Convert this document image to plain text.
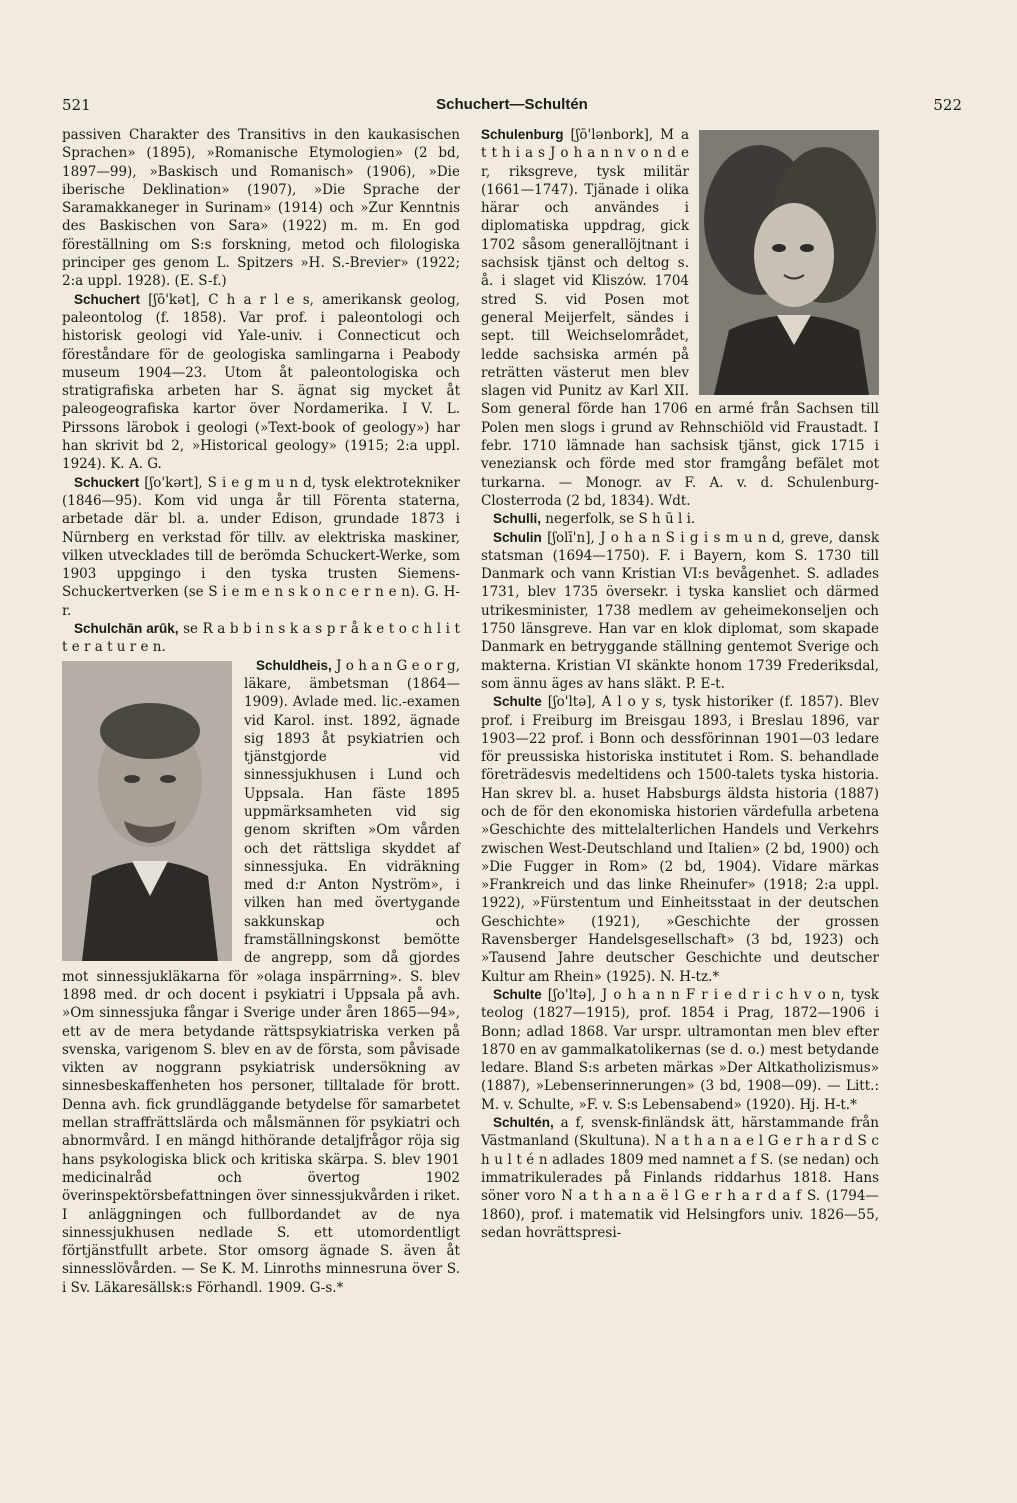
521	Schuchert—Schultén	522

passiven Charakter des Transitivs in den kaukasischen Sprachen» (1895), »Romanische Etymologien» (2 bd, 1897—99), »Baskisch und Romanisch» (1906), »Die iberische Deklination» (1907), »Die Sprache der Saramakkaneger in Surinam» (1914) och »Zur Kenntnis des Baskischen von Sara» (1922) m. m. En god föreställning om S:s forskning, metod och filologiska principer ges genom L. Spitzers »H. S.-Brevier» (1922; 2:a uppl. 1928). (E. S-f.)

Schuchert [ʃō'kət], C h a r l e s, amerikansk geolog, paleontolog (f. 1858). Var prof. i paleontologi och historisk geologi vid Yale-univ. i Connecticut och föreståndare för de geologiska samlingarna i Peabody museum 1904—23. Utom åt paleontologiska och stratigrafiska arbeten har S. ägnat sig mycket åt paleogeografiska kartor över Nordamerika. I V. L. Pirssons lärobok i geologi (»Text-book of geology») har han skrivit bd 2, »Historical geology» (1915; 2:a uppl. 1924). K. A. G.

Schuckert [ʃo'kərt], S i e g m u n d, tysk elektrotekniker (1846—95). Kom vid unga år till Förenta staterna, arbetade där bl. a. under Edison, grundade 1873 i Nürnberg en verkstad för tillv. av elektriska maskiner, vilken utvecklades till de berömda Schuckert-Werke, som 1903 uppgingo i den tyska trusten Siemens-Schuckertverken (se S i e m e n s k o n c e r n e n). G. H-r.

Schulchān arūk, se R a b b i n s k a s p r å k e t o c h l i t t e r a t u r e n.

Schuldheis, J o h a n G e o r g, läkare, ämbetsman (1864—1909). Avlade med. lic.-examen vid Karol. inst. 1892, ägnade sig 1893 åt psykiatrien och tjänstgjorde vid sinnessjukhusen i Lund och Uppsala. Han fäste 1895 uppmärksamheten vid sig genom skriften »Om vården och det rättsliga skyddet af sinnessjuka. En vidräkning med d:r Anton Nyström», i vilken han med övertygande sakkunskap och framställningskonst bemötte de angrepp, som då gjordes mot sinnessjukläkarna för »olaga inspärrning». S. blev 1898 med. dr och docent i psykiatri i Uppsala på avh. »Om sinnessjuka fångar i Sverige under åren 1865—94», ett av de mera betydande rättspsykiatriska verken på svenska, varigenom S. blev en av de första, som påvisade vikten av noggrann psykiatrisk undersökning av sinnesbeskaffenheten hos personer, tilltalade för brott. Denna avh. fick grundläggande betydelse för samarbetet mellan straffrättslärda och målsmännen för psykiatri och abnormvård. I en mängd hithörande detaljfrågor röja sig hans psykologiska blick och kritiska skärpa. S. blev 1901 medicinalråd och övertog 1902 överinspektörsbefattningen över sinnessjukvården i riket. I anläggningen och fullbordandet av de nya sinnessjukhusen nedlade S. ett utomordentligt förtjänstfullt arbete. Stor omsorg ägnade S. även åt sinnesslövården. — Se K. M. Linroths minnesruna över S. i Sv. Läkaresällsk:s Förhandl. 1909. G-s.*

Schulenburg [ʃō'lənbork], M a t t h i a s J o h a n n v o n d e r, riksgreve, tysk militär (1661—1747). Tjänade i olika härar och användes i diplomatiska uppdrag, gick 1702 såsom generallöjtnant i sachsisk tjänst och deltog s. å. i slaget vid Kliszów. 1704 stred S. vid Posen mot general Meijerfelt, sändes i sept. till Weichselområdet, ledde sachsiska armén på reträtten västerut men blev slagen vid Punitz av Karl XII. Som general förde han 1706 en armé från Sachsen till Polen men slogs i grund av Rehnschiöld vid Fraustadt. I febr. 1710 lämnade han sachsisk tjänst, gick 1715 i veneziansk och förde med stor framgång befälet mot turkarna. — Monogr. av F. A. v. d. Schulenburg-Closterroda (2 bd, 1834). Wdt.

Schulli, negerfolk, se S h ū l i.

Schulin [ʃolī'n], J o h a n S i g i s m u n d, greve, dansk statsman (1694—1750). F. i Bayern, kom S. 1730 till Danmark och vann Kristian VI:s bevågenhet. S. adlades 1731, blev 1735 översekr. i tyska kansliet och därmed utrikesminister, 1738 medlem av geheimekonseljen och 1750 länsgreve. Han var en klok diplomat, som skapade Danmark en betryggande ställning gentemot Sverige och makterna. Kristian VI skänkte honom 1739 Frederiksdal, som ännu äges av hans släkt. P. E-t.

Schulte [ʃo'ltə], A l o y s, tysk historiker (f. 1857). Blev prof. i Freiburg im Breisgau 1893, i Breslau 1896, var 1903—22 prof. i Bonn och dessförinnan 1901—03 ledare för preussiska historiska institutet i Rom. S. behandlade företrädesvis medeltidens och 1500-talets tyska historia. Han skrev bl. a. huset Habsburgs äldsta historia (1887) och de för den ekonomiska historien värdefulla arbetena »Geschichte des mittelalterlichen Handels und Verkehrs zwischen West-Deutschland und Italien» (2 bd, 1900) och »Die Fugger in Rom» (2 bd, 1904). Vidare märkas »Frankreich und das linke Rheinufer» (1918; 2:a uppl. 1922), »Fürstentum und Einheitsstaat in der deutschen Geschichte» (1921), »Geschichte der grossen Ravensberger Handelsgesellschaft» (3 bd, 1923) och »Tausend Jahre deutscher Geschichte und deutscher Kultur am Rhein» (1925). N. H-tz.*

Schulte [ʃo'ltə], J o h a n n F r i e d r i c h v o n, tysk teolog (1827—1915), prof. 1854 i Prag, 1872—1906 i Bonn; adlad 1868. Var urspr. ultramontan men blev efter 1870 en av gammalkatolikernas (se d. o.) mest betydande ledare. Bland S:s arbeten märkas »Der Altkatholizismus» (1887), »Lebenserinnerungen» (3 bd, 1908—09). — Litt.: M. v. Schulte, »F. v. S:s Lebensabend» (1920). Hj. H-t.*

Schultén, a f, svensk-finländsk ätt, härstammande från Västmanland (Skultuna). N a t h a n a e l G e r h a r d S c h u l t é n adlades 1809 med namnet a f S. (se nedan) och immatrikulerades på Finlands riddarhus 1818. Hans söner voro N a t h a n a ë l G e r h a r d a f S. (1794—1860), prof. i matematik vid Helsingfors univ. 1826—55, sedan hovrättspresi-
